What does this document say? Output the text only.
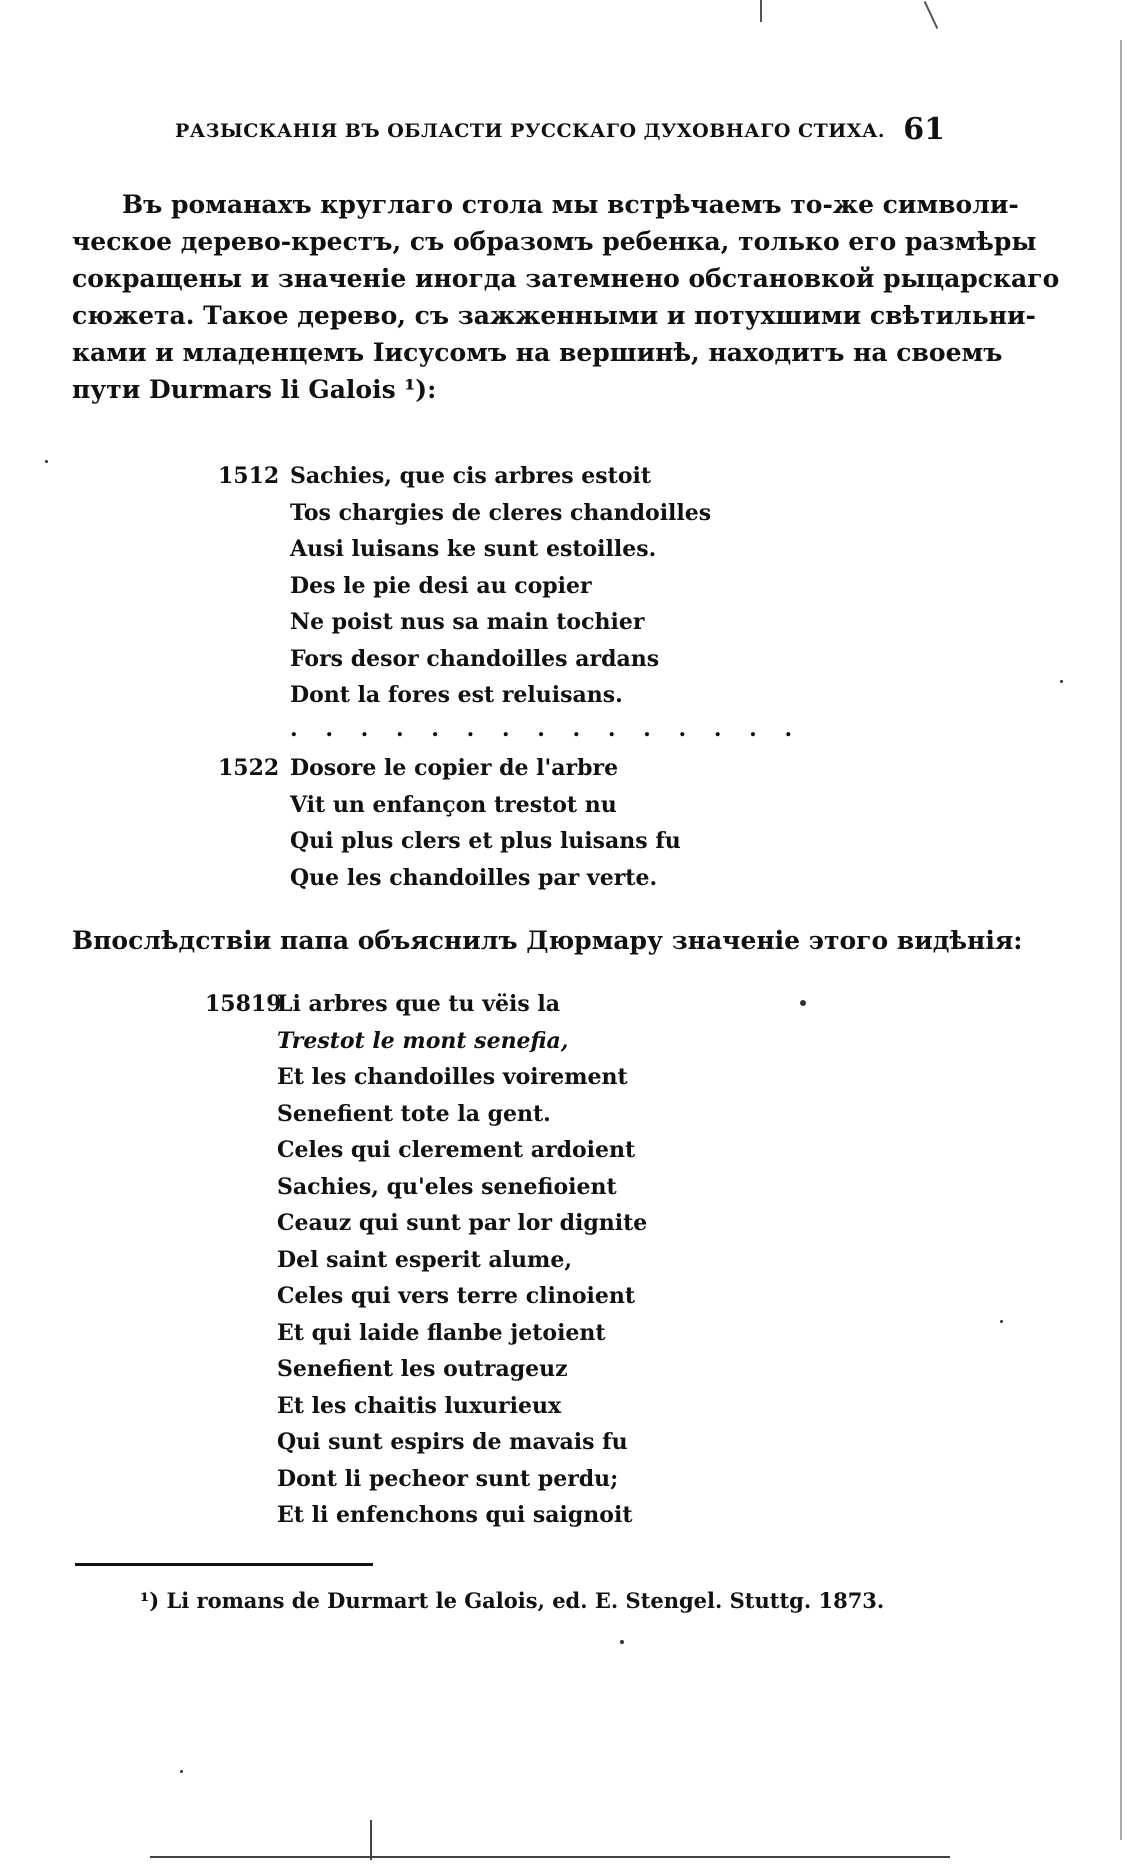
РАЗЫСКАНІЯ ВЪ ОБЛАСТИ РУССКАГО ДУХОВНАГО СТИХА. 61
Въ романахъ круглаго стола мы встрѣчаемъ то-же символи-
ческое дерево-крестъ, съ образомъ ребенка, только его размѣры
сокращены и значеніе иногда затемнено обстановкой рыцарскаго
сюжета. Такое дерево, съ зажженными и потухшими свѣтильни-
ками и младенцемъ Іисусомъ на вершинѣ, находитъ на своемъ
пути Durmars li Galois ¹):
1512 Sachies, que cis arbres estoit
Tos chargies de cleres chandoilles
Ausi luisans ke sunt estoilles.
Des le pie desi au copier
Ne poist nus sa main tochier
Fors desor chandoilles ardans
Dont la fores est reluisans.
. . . . . . . . . . . . . . .
1522 Dosore le copier de l'arbre
Vit un enfançon trestot nu
Qui plus clers et plus luisans fu
Que les chandoilles par verte.
Впослѣдствіи папа объяснилъ Дюрмару значеніе этого видѣнія:
15819
Li arbres que tu vëis la
Trestot le mont senefia,
Et les chandoilles voirement
Senefient tote la gent.
Celes qui clerement ardoient
Sachies, qu'eles senefioient
Ceauz qui sunt par lor dignite
Del saint esperit alume,
Celes qui vers terre clinoient
Et qui laide flanbe jetoient
Senefient les outrageuz
Et les chaitis luxurieux
Qui sunt espirs de mavais fu
Dont li pecheor sunt perdu;
Et li enfenchons qui saignoit
¹) Li romans de Durmart le Galois, ed. E. Stengel. Stuttg. 1873.
